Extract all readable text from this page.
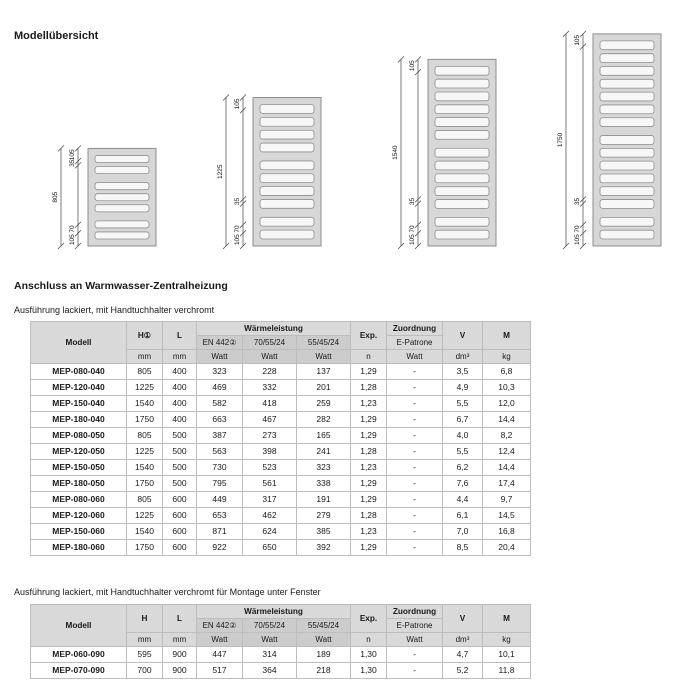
Modellübersicht
105
35
70
105
805
105
35
70
105
1225
105
35
70
105
1540
105
35
70
105
1750
Anschluss an Warmwasser-Zentralheizung
Ausführung lackiert, mit Handtuchhalter verchromt
Modell	H①	L	Wärmeleistung			Exp.	Zuordnung	V	M
			EN 442②	70/55/24	55/45/24		E-Patrone		
	mm	mm	Watt	Watt	Watt	n	Watt	dm³	kg
MEP-080-040	805	400	323	228	137	1,29	-	3,5	6,8
MEP-120-040	1225	400	469	332	201	1,28	-	4,9	10,3
MEP-150-040	1540	400	582	418	259	1,23	-	5,5	12,0
MEP-180-040	1750	400	663	467	282	1,29	-	6,7	14,4
MEP-080-050	805	500	387	273	165	1,29	-	4,0	8,2
MEP-120-050	1225	500	563	398	241	1,28	-	5,5	12,4
MEP-150-050	1540	500	730	523	323	1,23	-	6,2	14,4
MEP-180-050	1750	500	795	561	338	1,29	-	7,6	17,4
MEP-080-060	805	600	449	317	191	1,29	-	4,4	9,7
MEP-120-060	1225	600	653	462	279	1,28	-	6,1	14,5
MEP-150-060	1540	600	871	624	385	1,23	-	7,0	16,8
MEP-180-060	1750	600	922	650	392	1,29	-	8,5	20,4
Ausführung lackiert, mit Handtuchhalter verchromt für Montage unter Fenster
Modell	H	L	Wärmeleistung			Exp.	Zuordnung	V	M
			EN 442②	70/55/24	55/45/24		E-Patrone		
	mm	mm	Watt	Watt	Watt	n	Watt	dm³	kg
MEP-060-090	595	900	447	314	189	1,30	-	4,7	10,1
MEP-070-090	700	900	517	364	218	1,30	-	5,2	11,8
